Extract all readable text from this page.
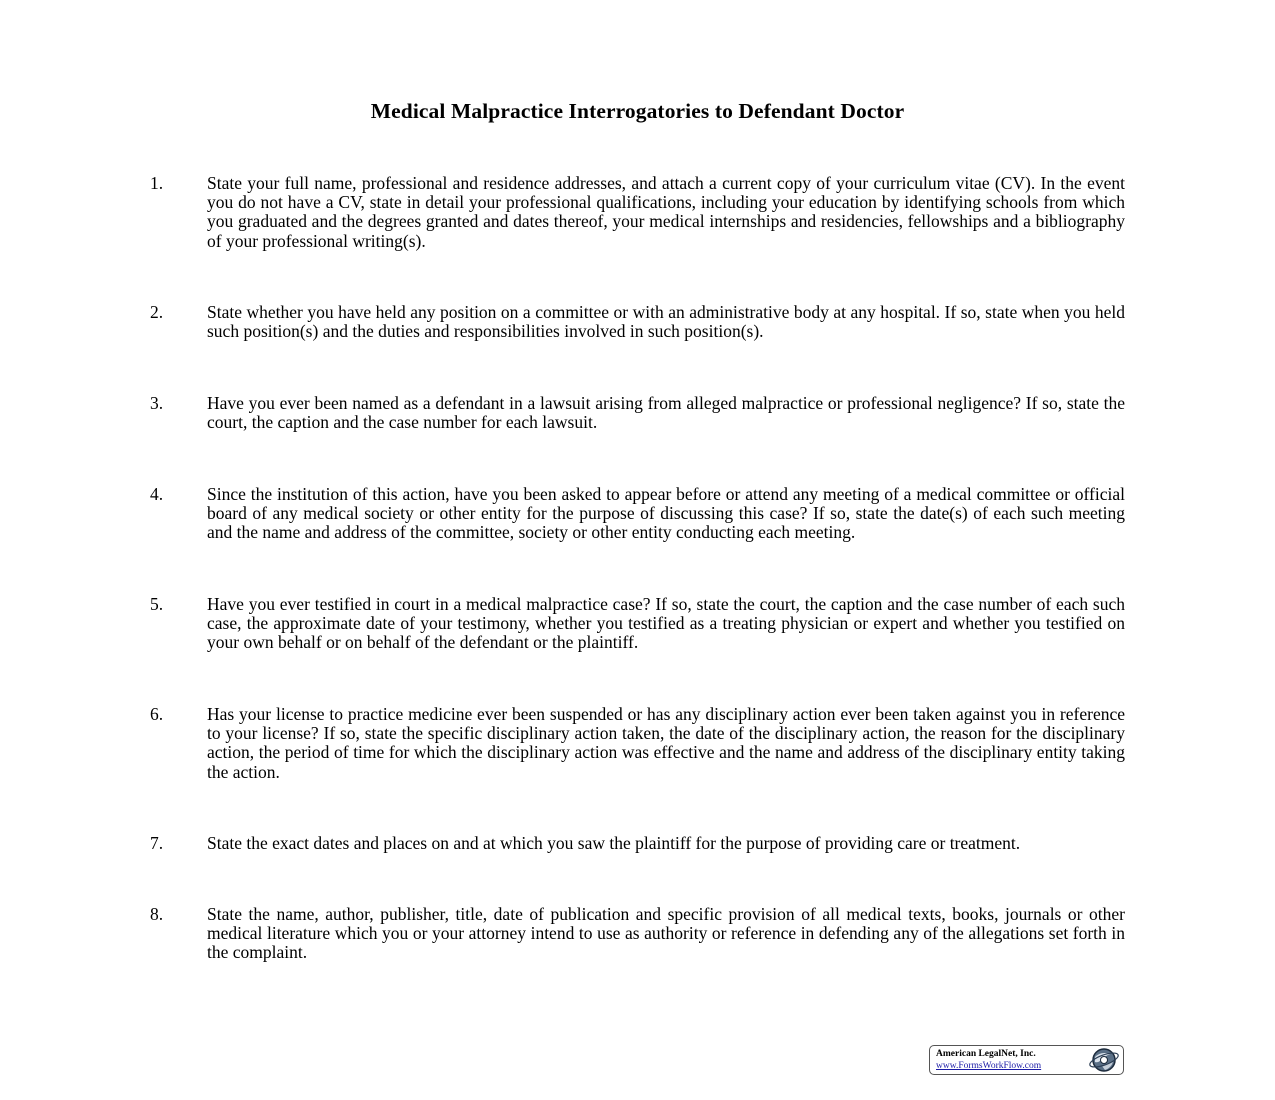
Medical Malpractice Interrogatories to Defendant Doctor
1.	State your full name, professional and residence addresses, and attach a current copy of your curriculum vitae (CV). In the event you do not have a CV, state in detail your professional qualifications, including your education by identifying schools from which you graduated and the degrees granted and dates thereof, your medical internships and residencies, fellowships and a bibliography of your professional writing(s).
2.	State whether you have held any position on a committee or with an administrative body at any hospital. If so, state when you held such position(s) and the duties and responsibilities involved in such position(s).
3.	Have you ever been named as a defendant in a lawsuit arising from alleged malpractice or professional negligence? If so, state the court, the caption and the case number for each lawsuit.
4.	Since the institution of this action, have you been asked to appear before or attend any meeting of a medical committee or official board of any medical society or other entity for the purpose of discussing this case? If so, state the date(s) of each such meeting and the name and address of the committee, society or other entity conducting each meeting.
5.	Have you ever testified in court in a medical malpractice case? If so, state the court, the caption and the case number of each such case, the approximate date of your testimony, whether you testified as a treating physician or expert and whether you testified on your own behalf or on behalf of the defendant or the plaintiff.
6.	Has your license to practice medicine ever been suspended or has any disciplinary action ever been taken against you in reference to your license? If so, state the specific disciplinary action taken, the date of the disciplinary action, the reason for the disciplinary action, the period of time for which the disciplinary action was effective and the name and address of the disciplinary entity taking the action.
7.	State the exact dates and places on and at which you saw the plaintiff for the purpose of providing care or treatment.
8.	State the name, author, publisher, title, date of publication and specific provision of all medical texts, books, journals or other medical literature which you or your attorney intend to use as authority or reference in defending any of the allegations set forth in the complaint.
American LegalNet, Inc.
www.FormsWorkFlow.com
